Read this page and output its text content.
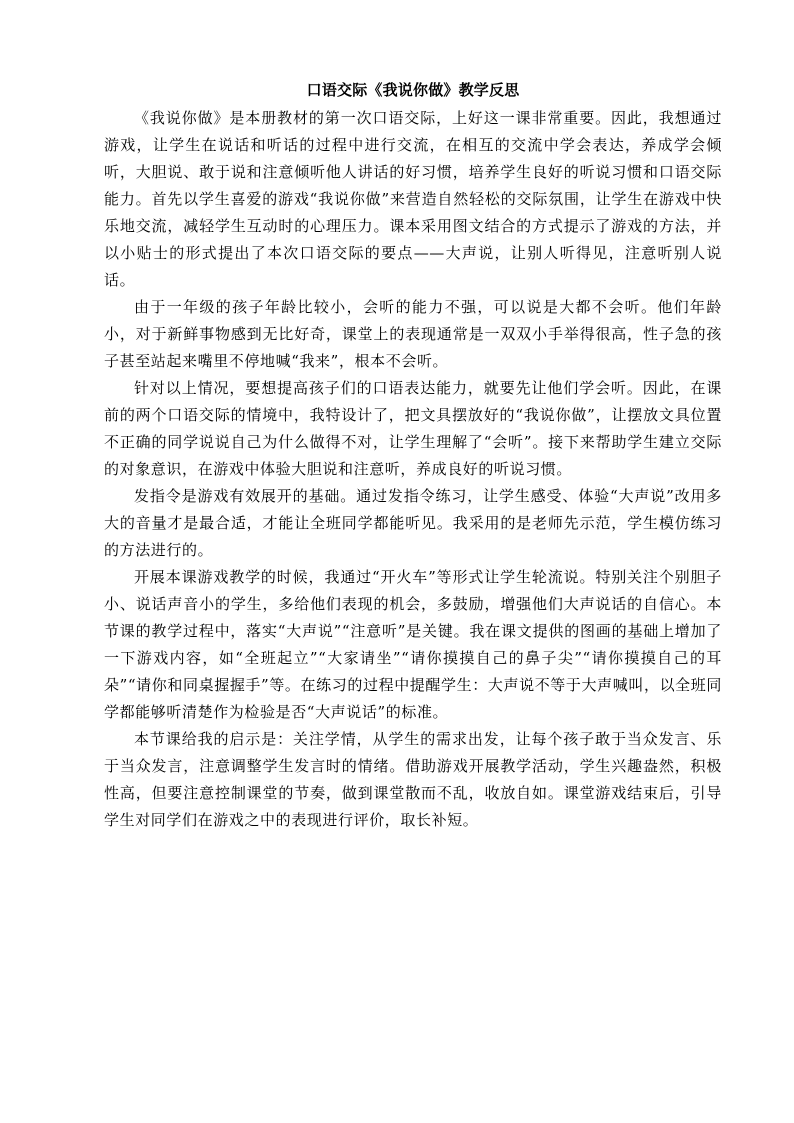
口语交际《我说你做》教学反思

《我说你做》是本册教材的第一次口语交际，上好这一课非常重要。因此，我想通过游戏，让学生在说话和听话的过程中进行交流，在相互的交流中学会表达，养成学会倾听，大胆说、敢于说和注意倾听他人讲话的好习惯，培养学生良好的听说习惯和口语交际能力。首先以学生喜爱的游戏“我说你做”来营造自然轻松的交际氛围，让学生在游戏中快乐地交流，减轻学生互动时的心理压力。课本采用图文结合的方式提示了游戏的方法，并以小贴士的形式提出了本次口语交际的要点——大声说，让别人听得见，注意听别人说话。

由于一年级的孩子年龄比较小，会听的能力不强，可以说是大都不会听。他们年龄小，对于新鲜事物感到无比好奇，课堂上的表现通常是一双双小手举得很高，性子急的孩子甚至站起来嘴里不停地喊“我来”，根本不会听。

针对以上情况，要想提高孩子们的口语表达能力，就要先让他们学会听。因此，在课前的两个口语交际的情境中，我特设计了，把文具摆放好的“我说你做”，让摆放文具位置不正确的同学说说自己为什么做得不对，让学生理解了“会听”。接下来帮助学生建立交际的对象意识，在游戏中体验大胆说和注意听，养成良好的听说习惯。

发指令是游戏有效展开的基础。通过发指令练习，让学生感受、体验“大声说”改用多大的音量才是最合适，才能让全班同学都能听见。我采用的是老师先示范，学生模仿练习的方法进行的。

开展本课游戏教学的时候，我通过“开火车”等形式让学生轮流说。特别关注个别胆子小、说话声音小的学生，多给他们表现的机会，多鼓励，增强他们大声说话的自信心。本节课的教学过程中，落实“大声说”“注意听”是关键。我在课文提供的图画的基础上增加了一下游戏内容，如“全班起立”“大家请坐”“请你摸摸自己的鼻子尖”“请你摸摸自己的耳朵”“请你和同桌握握手”等。在练习的过程中提醒学生：大声说不等于大声喊叫，以全班同学都能够听清楚作为检验是否“大声说话”的标准。

本节课给我的启示是：关注学情，从学生的需求出发，让每个孩子敢于当众发言、乐于当众发言，注意调整学生发言时的情绪。借助游戏开展教学活动，学生兴趣盎然，积极性高，但要注意控制课堂的节奏，做到课堂散而不乱，收放自如。课堂游戏结束后，引导学生对同学们在游戏之中的表现进行评价，取长补短。
